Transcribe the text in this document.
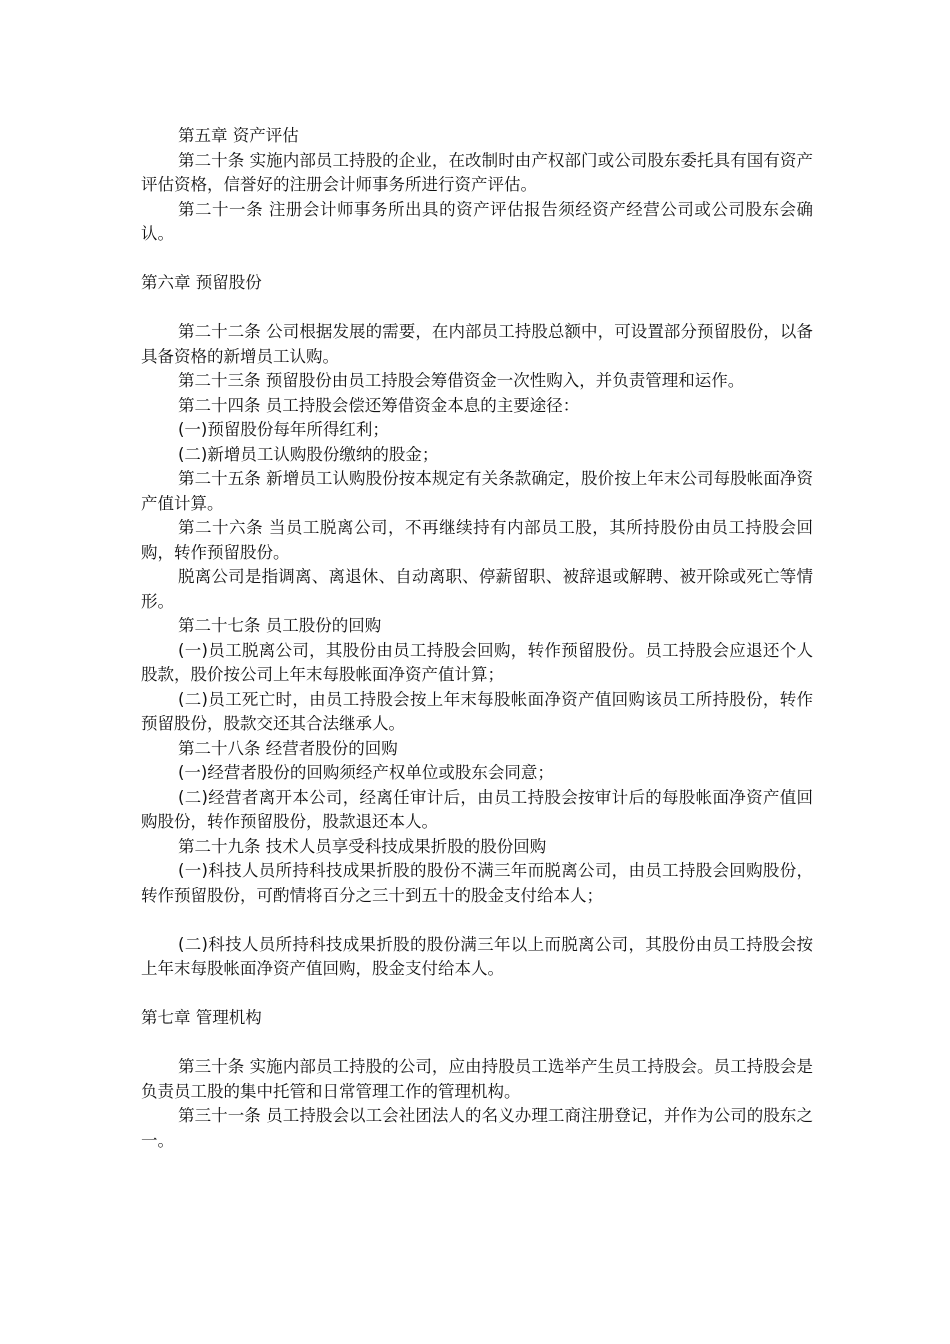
第五章 资产评估

第二十条 实施内部员工持股的企业，在改制时由产权部门或公司股东委托具有国有资产评估资格，信誉好的注册会计师事务所进行资产评估。

第二十一条 注册会计师事务所出具的资产评估报告须经资产经营公司或公司股东会确认。

第六章 预留股份

第二十二条 公司根据发展的需要，在内部员工持股总额中，可设置部分预留股份，以备具备资格的新增员工认购。

第二十三条 预留股份由员工持股会筹借资金一次性购入，并负责管理和运作。

第二十四条 员工持股会偿还筹借资金本息的主要途径：

(一)预留股份每年所得红利；

(二)新增员工认购股份缴纳的股金；

第二十五条 新增员工认购股份按本规定有关条款确定，股价按上年末公司每股帐面净资产值计算。

第二十六条 当员工脱离公司，不再继续持有内部员工股，其所持股份由员工持股会回购，转作预留股份。

脱离公司是指调离、离退休、自动离职、停薪留职、被辞退或解聘、被开除或死亡等情形。

第二十七条 员工股份的回购

(一)员工脱离公司，其股份由员工持股会回购，转作预留股份。员工持股会应退还个人股款，股价按公司上年末每股帐面净资产值计算；

(二)员工死亡时，由员工持股会按上年末每股帐面净资产值回购该员工所持股份，转作预留股份，股款交还其合法继承人。

第二十八条 经营者股份的回购

(一)经营者股份的回购须经产权单位或股东会同意；

(二)经营者离开本公司，经离任审计后，由员工持股会按审计后的每股帐面净资产值回购股份，转作预留股份，股款退还本人。

第二十九条 技术人员享受科技成果折股的股份回购

(一)科技人员所持科技成果折股的股份不满三年而脱离公司，由员工持股会回购股份，转作预留股份，可酌情将百分之三十到五十的股金支付给本人；

(二)科技人员所持科技成果折股的股份满三年以上而脱离公司，其股份由员工持股会按上年末每股帐面净资产值回购，股金支付给本人。

第七章 管理机构

第三十条 实施内部员工持股的公司，应由持股员工选举产生员工持股会。员工持股会是负责员工股的集中托管和日常管理工作的管理机构。

第三十一条 员工持股会以工会社团法人的名义办理工商注册登记，并作为公司的股东之一。
